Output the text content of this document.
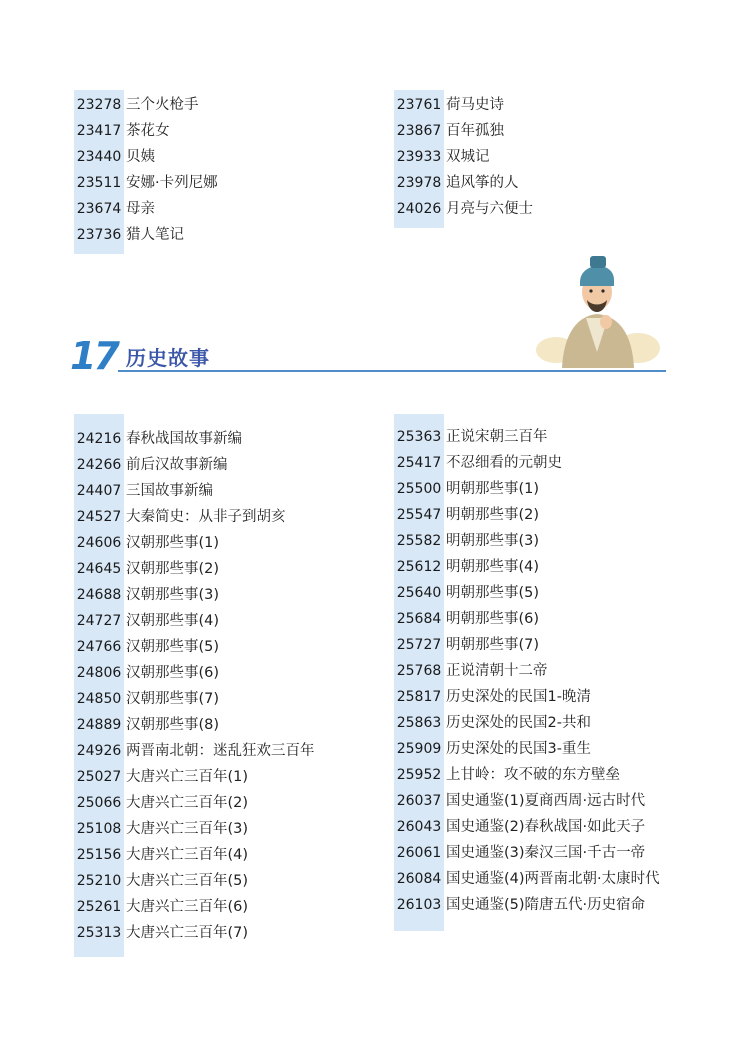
23278 三个火枪手
23417 茶花女
23440 贝姨
23511 安娜·卡列尼娜
23674 母亲
23736 猎人笔记
23761 荷马史诗
23867 百年孤独
23933 双城记
23978 追风筝的人
24026 月亮与六便士
17 历史故事
24216 春秋战国故事新编
24266 前后汉故事新编
24407 三国故事新编
24527 大秦简史：从非子到胡亥
24606 汉朝那些事(1)
24645 汉朝那些事(2)
24688 汉朝那些事(3)
24727 汉朝那些事(4)
24766 汉朝那些事(5)
24806 汉朝那些事(6)
24850 汉朝那些事(7)
24889 汉朝那些事(8)
24926 两晋南北朝：迷乱狂欢三百年
25027 大唐兴亡三百年(1)
25066 大唐兴亡三百年(2)
25108 大唐兴亡三百年(3)
25156 大唐兴亡三百年(4)
25210 大唐兴亡三百年(5)
25261 大唐兴亡三百年(6)
25313 大唐兴亡三百年(7)
25363 正说宋朝三百年
25417 不忍细看的元朝史
25500 明朝那些事(1)
25547 明朝那些事(2)
25582 明朝那些事(3)
25612 明朝那些事(4)
25640 明朝那些事(5)
25684 明朝那些事(6)
25727 明朝那些事(7)
25768 正说清朝十二帝
25817 历史深处的民国1-晚清
25863 历史深处的民国2-共和
25909 历史深处的民国3-重生
25952 上甘岭：攻不破的东方壁垒
26037 国史通鉴(1)夏商西周·远古时代
26043 国史通鉴(2)春秋战国·如此天子
26061 国史通鉴(3)秦汉三国·千古一帝
26084 国史通鉴(4)两晋南北朝·太康时代
26103 国史通鉴(5)隋唐五代·历史宿命
